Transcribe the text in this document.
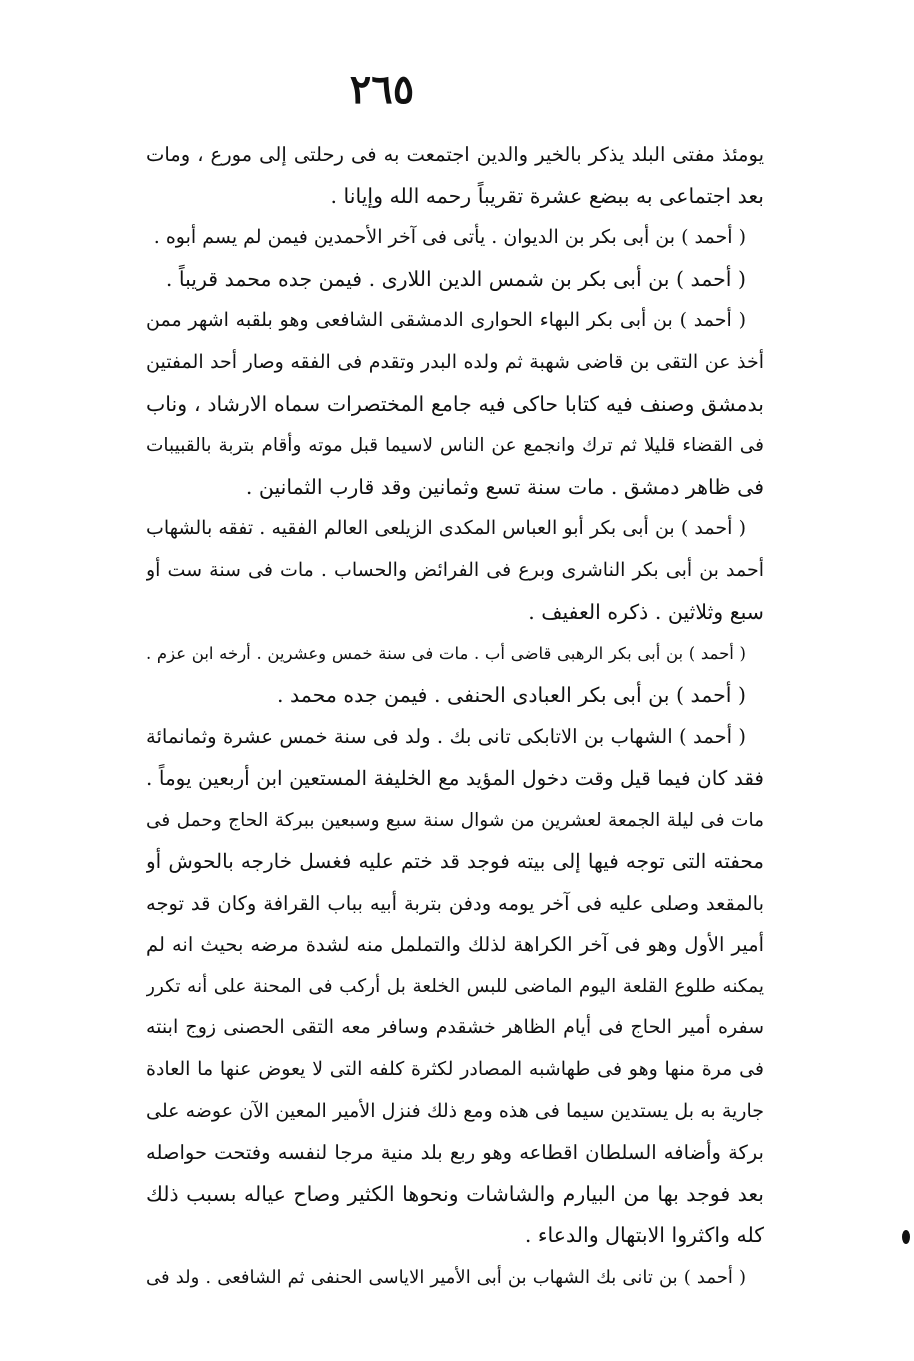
٢٦٥
يومئذ مفتى البلد يذكر بالخير والدين اجتمعت به فى رحلتى إلى مورع ، ومات
بعد اجتماعى به ببضع عشرة تقريباً رحمه الله وإيانا .
( أحمد ) بن أبى بكر بن الديوان . يأتى فى آخر الأحمدين فيمن لم يسم أبوه .
( أحمد ) بن أبى بكر بن شمس الدين اللارى . فيمن جده محمد قريباً .
( أحمد ) بن أبى بكر البهاء الحوارى الدمشقى الشافعى وهو بلقبه اشهر ممن
أخذ عن التقى بن قاضى شهبة ثم ولده البدر وتقدم فى الفقه وصار أحد المفتين
بدمشق وصنف فيه كتابا حاكى فيه جامع المختصرات سماه الارشاد ، وناب
فى القضاء قليلا ثم ترك وانجمع عن الناس لاسيما قبل موته وأقام بتربة بالقبيبات
فى ظاهر دمشق . مات سنة تسع وثمانين وقد قارب الثمانين .
( أحمد ) بن أبى بكر أبو العباس المكدى الزيلعى العالم الفقيه . تفقه بالشهاب
أحمد بن أبى بكر الناشرى وبرع فى الفرائض والحساب . مات فى سنة ست أو
سبع وثلاثين . ذكره العفيف .
( أحمد ) بن أبى بكر الرهبى قاضى أب . مات فى سنة خمس وعشرين . أرخه ابن عزم .
( أحمد ) بن أبى بكر العبادى الحنفى . فيمن جده محمد .
( أحمد ) الشهاب بن الاتابكى تانى بك . ولد فى سنة خمس عشرة وثمانمائة
فقد كان فيما قيل وقت دخول المؤيد مع الخليفة المستعين ابن أربعين يوماً .
مات فى ليلة الجمعة لعشرين من شوال سنة سبع وسبعين ببركة الحاج وحمل فى
محفته التى توجه فيها إلى بيته فوجد قد ختم عليه فغسل خارجه بالحوش أو
بالمقعد وصلى عليه فى آخر يومه ودفن بتربة أبيه بباب القرافة وكان قد توجه
أمير الأول وهو فى آخر الكراهة لذلك والتململ منه لشدة مرضه بحيث انه لم
يمكنه طلوع القلعة اليوم الماضى للبس الخلعة بل أركب فى المحنة على أنه تكرر
سفره أمير الحاج فى أيام الظاهر خشقدم وسافر معه التقى الحصنى زوج ابنته
فى مرة منها وهو فى طهاشبه المصادر لكثرة كلفه التى لا يعوض عنها ما العادة
جارية به بل يستدين سيما فى هذه ومع ذلك فنزل الأمير المعين الآن عوضه على
بركة وأضافه السلطان اقطاعه وهو ربع بلد منية مرجا لنفسه وفتحت حواصله
بعد فوجد بها من البيارم والشاشات ونحوها الكثير وصاح عياله بسبب ذلك
كله واكثروا الابتهال والدعاء .
( أحمد ) بن تانى بك الشهاب بن أبى الأمير الاياسى الحنفى ثم الشافعى . ولد فى
